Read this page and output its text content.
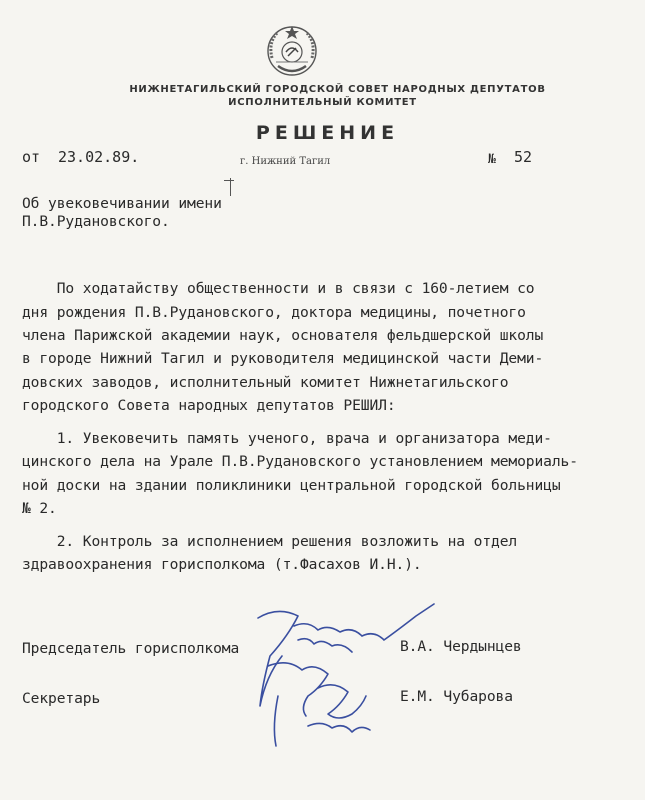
НИЖНЕТАГИЛЬСКИЙ ГОРОДСКОЙ СОВЕТ НАРОДНЫХ ДЕПУТАТОВ
ИСПОЛНИТЕЛЬНЫЙ КОМИТЕТ
РЕШЕНИЕ
от 23.02.89.	г. Нижний Тагил	№ 52
Об увековечивании имени
П.В.Рудановского.
По ходатайству общественности и в связи с 160-летием со
дня рождения П.В.Рудановского, доктора медицины, почетного
члена Парижской академии наук, основателя фельдшерской школы
в городе Нижний Тагил и руководителя медицинской части Деми-
довских заводов, исполнительный комитет Нижнетагильского
городского Совета народных депутатов РЕШИЛ:
1. Увековечить память ученого, врача и организатора меди-
цинского дела на Урале П.В.Рудановского установлением мемориаль-
ной доски на здании поликлиники центральной городской больницы
№ 2.
2. Контроль за исполнением решения возложить на отдел
здравоохранения горисполкома (т.Фасахов И.Н.).
Председатель горисполкома	В.А. Чердынцев
Секретарь	Е.М. Чубарова
